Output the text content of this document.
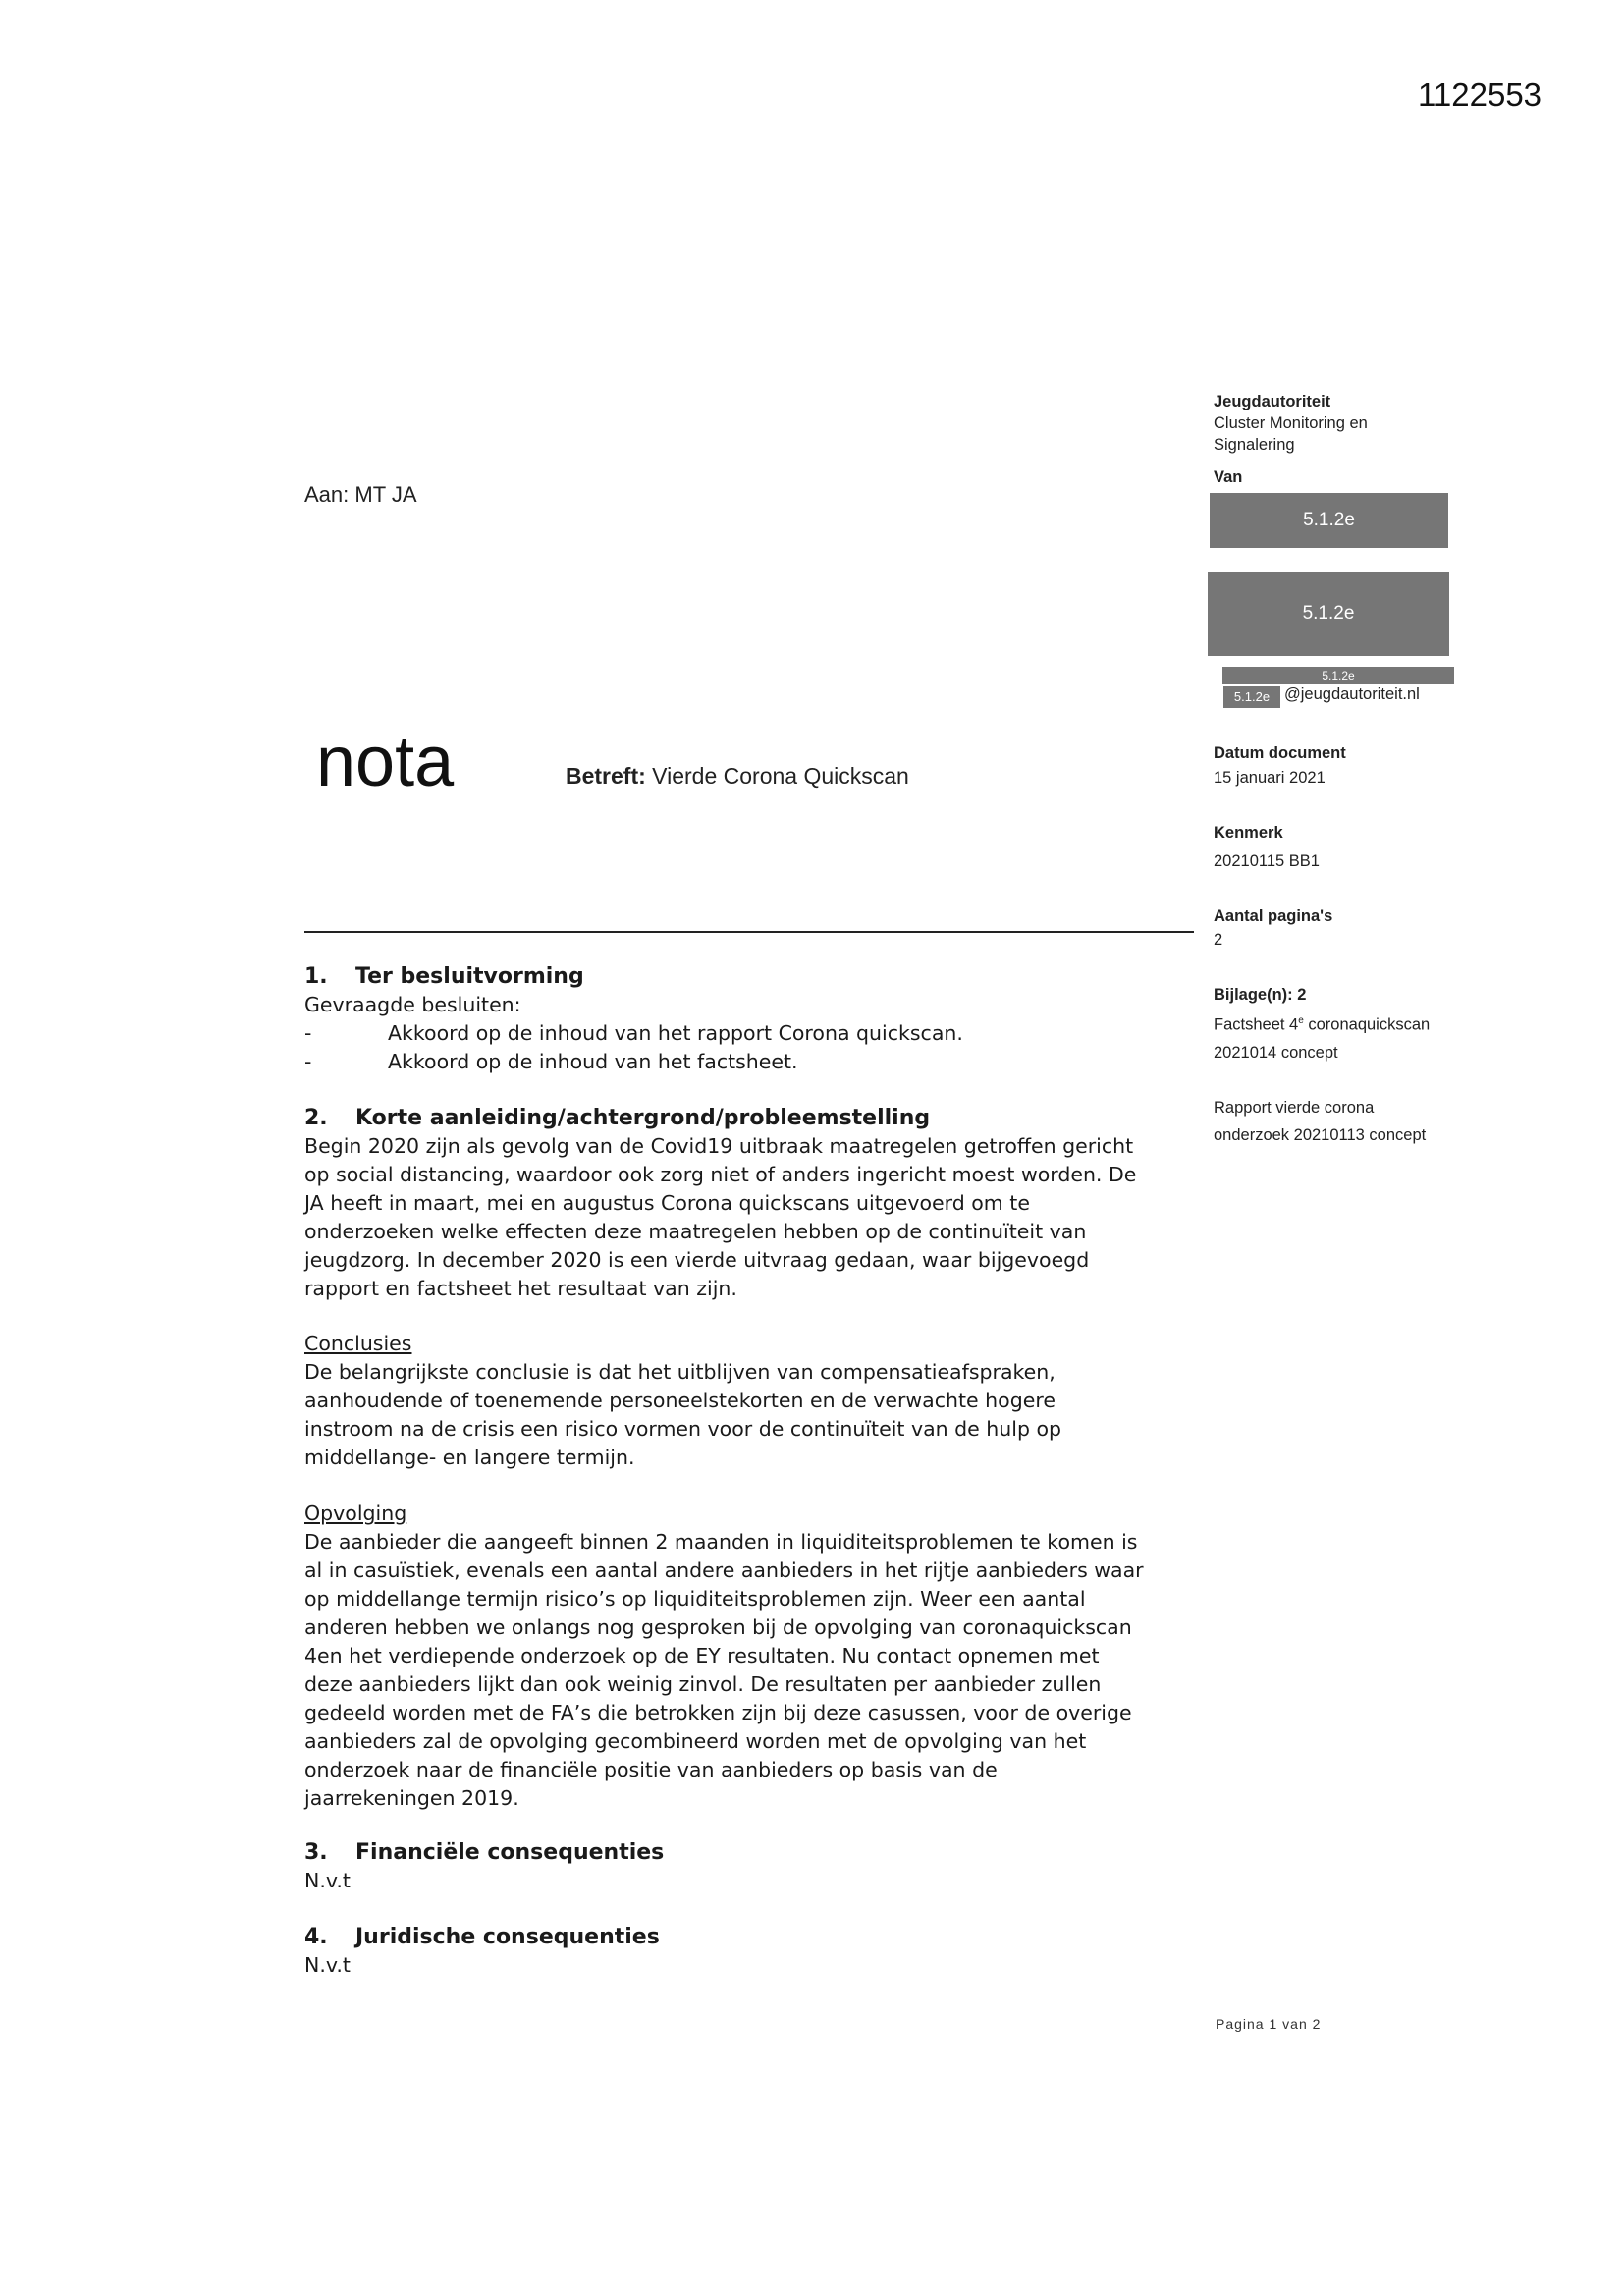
1122553
Jeugdautoriteit
Cluster Monitoring en
Signalering
Van
5.1.2e
5.1.2e
5.1.2e
5.1.2e @jeugdautoriteit.nl
Datum document
15 januari 2021
Kenmerk
20210115 BB1
Aantal pagina's
2
Bijlage(n): 2
Factsheet 4e coronaquickscan
2021014 concept
Rapport vierde corona
onderzoek 20210113 concept
Aan: MT JA
nota	Betreft: Vierde Corona Quickscan
1. Ter besluitvorming

Gevraagde besluiten:

-	Akkoord op de inhoud van het rapport Corona quickscan.
-	Akkoord op de inhoud van het factsheet.
2. Korte aanleiding/achtergrond/probleemstelling

Begin 2020 zijn als gevolg van de Covid19 uitbraak maatregelen getroffen gericht

op social distancing, waardoor ook zorg niet of anders ingericht moest worden. De

JA heeft in maart, mei en augustus Corona quickscans uitgevoerd om te

onderzoeken welke effecten deze maatregelen hebben op de continuïteit van

jeugdzorg. In december 2020 is een vierde uitvraag gedaan, waar bijgevoegd

rapport en factsheet het resultaat van zijn.

Conclusies

De belangrijkste conclusie is dat het uitblijven van compensatieafspraken,

aanhoudende of toenemende personeelstekorten en de verwachte hogere

instroom na de crisis een risico vormen voor de continuïteit van de hulp op

middellange- en langere termijn.

Opvolging

De aanbieder die aangeeft binnen 2 maanden in liquiditeitsproblemen te komen is

al in casuïstiek, evenals een aantal andere aanbieders in het rijtje aanbieders waar

op middellange termijn risico’s op liquiditeitsproblemen zijn. Weer een aantal

anderen hebben we onlangs nog gesproken bij de opvolging van coronaquickscan

4en het verdiepende onderzoek op de EY resultaten. Nu contact opnemen met

deze aanbieders lijkt dan ook weinig zinvol. De resultaten per aanbieder zullen

gedeeld worden met de FA’s die betrokken zijn bij deze casussen, voor de overige

aanbieders zal de opvolging gecombineerd worden met de opvolging van het

onderzoek naar de financiële positie van aanbieders op basis van de

jaarrekeningen 2019.

3. Financiële consequenties

N.v.t

4. Juridische consequenties

N.v.t

Pagina 1 van 2
